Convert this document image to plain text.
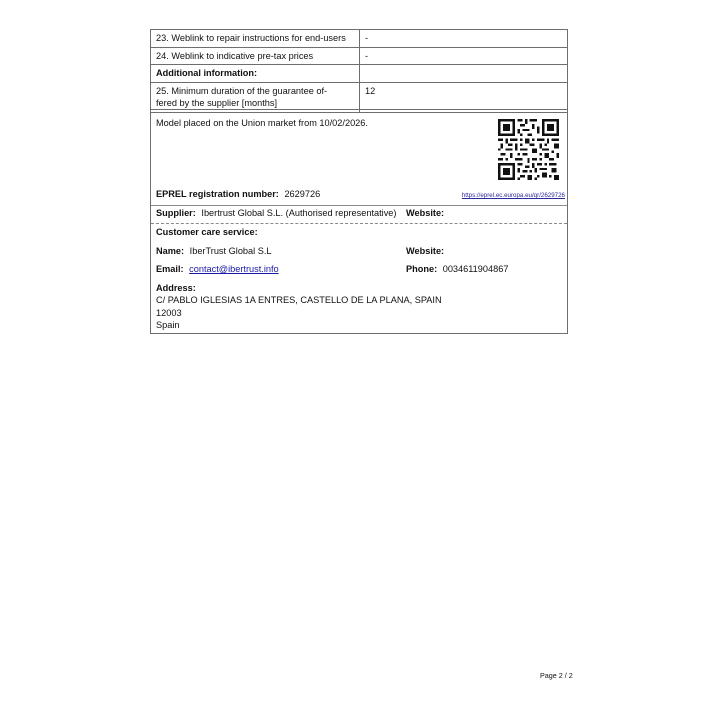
23. Weblink to repair instructions for end-users	-
24. Weblink to indicative pre-tax prices	-
Additional information:	

25. Minimum duration of the guarantee of-
fered by the supplier [months]	12
Model placed on the Union market from 10/02/2026.
EPREL registration number: 2629726	https://eprel.ec.europa.eu/qr/2629726
Supplier: Ibertrust Global S.L. (Authorised representative) Website:
Customer care service:
Name: IberTrust Global S.L	Website:
Email: contact@ibertrust.info	Phone: 0034611904867
Address:
C/ PABLO IGLESIAS 1A ENTRES, CASTELLO DE LA PLANA, SPAIN
12003
Spain
Page 2 / 2
